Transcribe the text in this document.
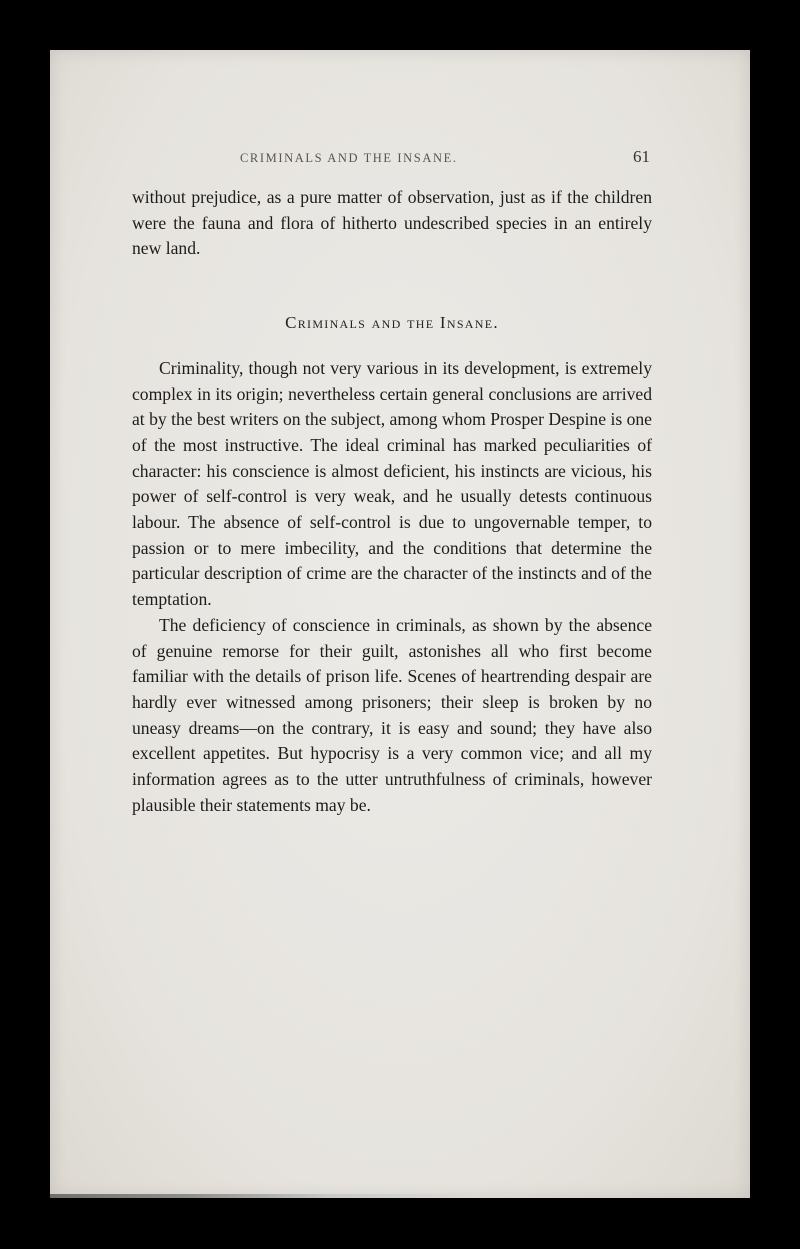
CRIMINALS AND THE INSANE.	61

without prejudice, as a pure matter of observation, just as if the children were the fauna and flora of hitherto undescribed species in an entirely new land.

Criminals and the Insane.

Criminality, though not very various in its development, is extremely complex in its origin; nevertheless certain general conclusions are arrived at by the best writers on the subject, among whom Prosper Despine is one of the most instructive. The ideal criminal has marked peculiarities of character: his conscience is almost deficient, his instincts are vicious, his power of self-control is very weak, and he usually detests continuous labour. The absence of self-control is due to ungovernable temper, to passion or to mere imbecility, and the conditions that determine the particular description of crime are the character of the instincts and of the temptation.

The deficiency of conscience in criminals, as shown by the absence of genuine remorse for their guilt, astonishes all who first become familiar with the details of prison life. Scenes of heartrending despair are hardly ever witnessed among prisoners; their sleep is broken by no uneasy dreams—on the contrary, it is easy and sound; they have also excellent appetites. But hypocrisy is a very common vice; and all my information agrees as to the utter untruthfulness of criminals, however plausible their statements may be.
